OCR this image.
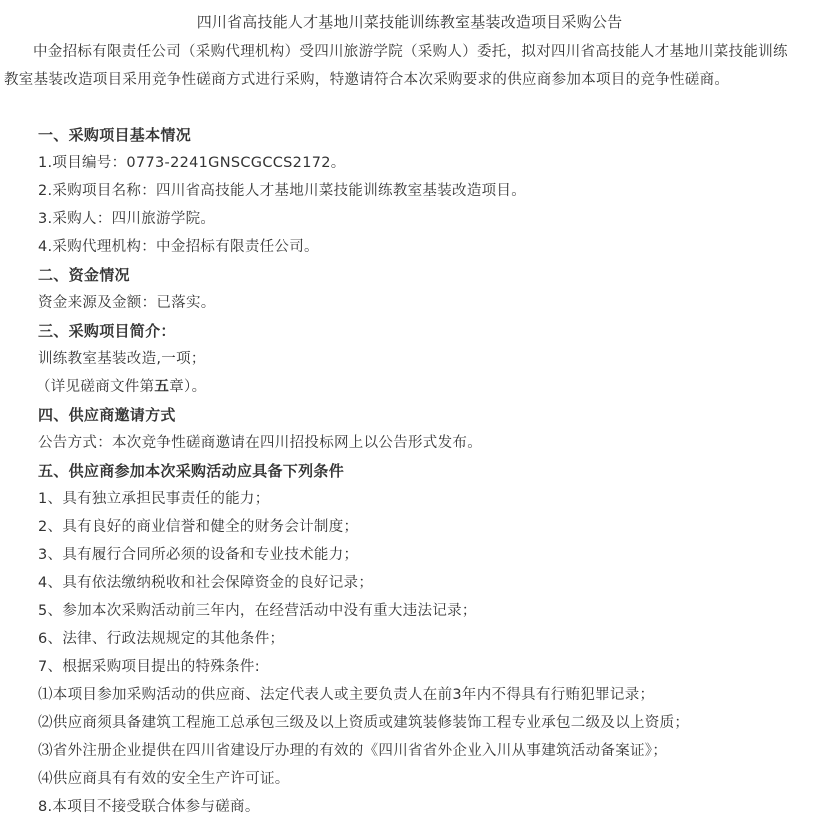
四川省高技能人才基地川菜技能训练教室基装改造项目采购公告

中金招标有限责任公司（采购代理机构）受四川旅游学院（采购人）委托，拟对四川省高技能人才基地川菜技能训练教室基装改造项目采用竞争性磋商方式进行采购，特邀请符合本次采购要求的供应商参加本项目的竞争性磋商。

一、采购项目基本情况
1.项目编号：0773-2241GNSCGCCS2172。
2.采购项目名称：四川省高技能人才基地川菜技能训练教室基装改造项目。
3.采购人：四川旅游学院。
4.采购代理机构：中金招标有限责任公司。
二、资金情况
资金来源及金额：已落实。
三、采购项目简介：
训练教室基装改造,一项；
（详见磋商文件第五章）。
四、供应商邀请方式
公告方式：本次竞争性磋商邀请在四川招投标网上以公告形式发布。
五、供应商参加本次采购活动应具备下列条件
1、具有独立承担民事责任的能力；
2、具有良好的商业信誉和健全的财务会计制度；
3、具有履行合同所必须的设备和专业技术能力；
4、具有依法缴纳税收和社会保障资金的良好记录；
5、参加本次采购活动前三年内，在经营活动中没有重大违法记录；
6、法律、行政法规规定的其他条件；
7、根据采购项目提出的特殊条件:
⑴本项目参加采购活动的供应商、法定代表人或主要负责人在前3年内不得具有行贿犯罪记录；
⑵供应商须具备建筑工程施工总承包三级及以上资质或建筑装修装饰工程专业承包二级及以上资质；
⑶省外注册企业提供在四川省建设厅办理的有效的《四川省省外企业入川从事建筑活动备案证》；
⑷供应商具有有效的安全生产许可证。
8.本项目不接受联合体参与磋商。
